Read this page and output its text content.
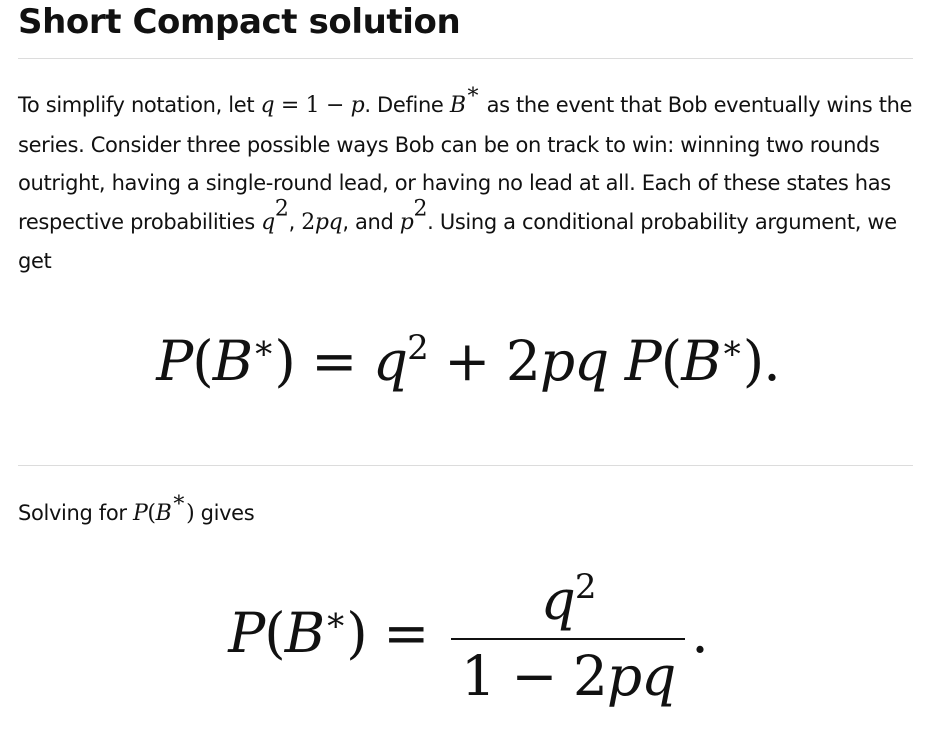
Short Compact solution

To simplify notation, let q = 1 − p. Define B∗ as the event that Bob eventually wins the series. Consider three possible ways Bob can be on track to win: winning two rounds outright, having a single-round lead, or having no lead at all. Each of these states has respective probabilities $q^2$, 2pq, and $p^2$. Using a conditional probability argument, we get

$P(B^∗) = q^2 + 2pq$ P(B∗).

Solving for P(B∗) gives

$P(B^∗) = \frac{q^2}{1 - 2pq}$ .
